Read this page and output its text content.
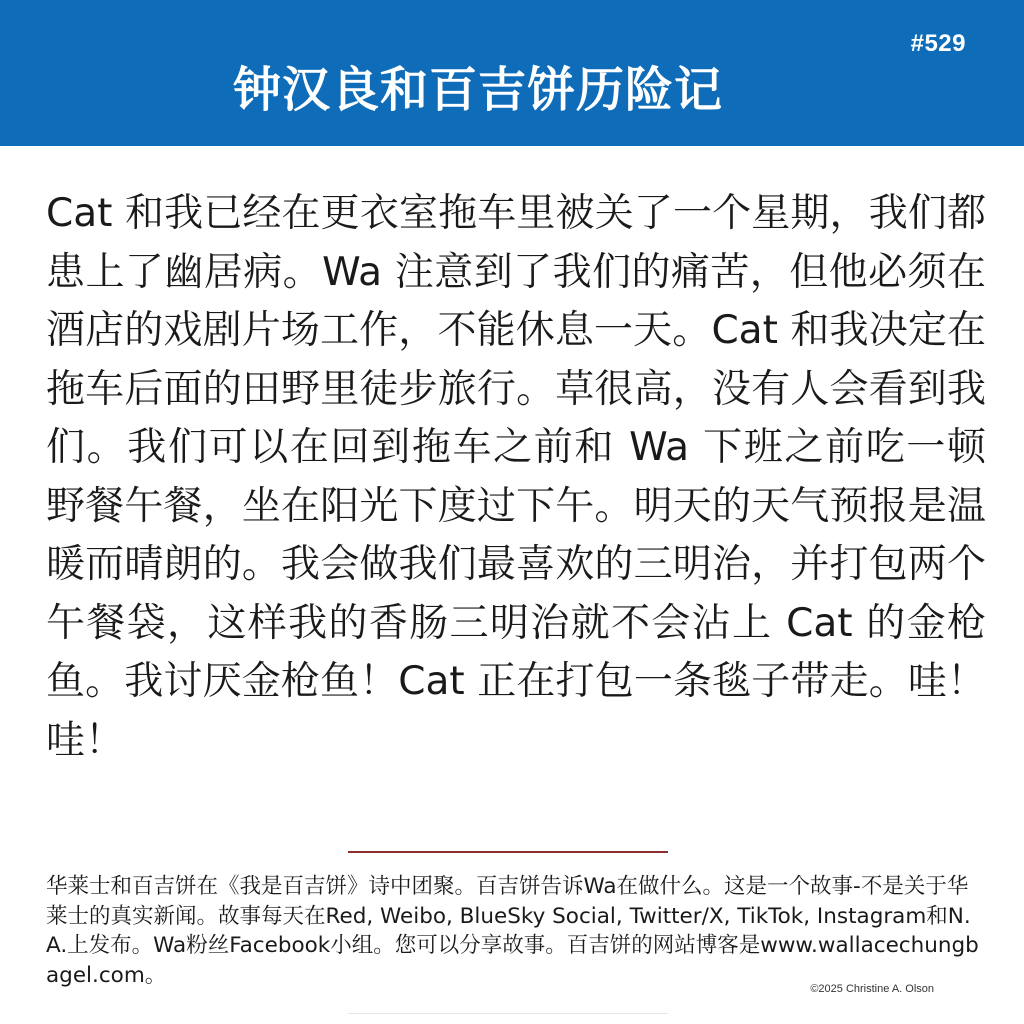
#529
钟汉良和百吉饼历险记
Cat 和我已经在更衣室拖车里被关了一个星期，我们都患上了幽居病。Wa 注意到了我们的痛苦，但他必须在酒店的戏剧片场工作，不能休息一天。Cat 和我决定在拖车后面的田野里徒步旅行。草很高，没有人会看到我们。我们可以在回到拖车之前和 Wa 下班之前吃一顿野餐午餐，坐在阳光下度过下午。明天的天气预报是温暖而晴朗的。我会做我们最喜欢的三明治，并打包两个午餐袋，这样我的香肠三明治就不会沾上 Cat 的金枪鱼。我讨厌金枪鱼！Cat 正在打包一条毯子带走。哇！哇！
华莱士和百吉饼在《我是百吉饼》诗中团聚。百吉饼告诉Wa在做什么。这是一个故事-不是关于华莱士的真实新闻。故事每天在Red, Weibo, BlueSky Social, Twitter/X, TikTok, Instagram和N.A.上发布。Wa粉丝Facebook小组。您可以分享故事。百吉饼的网站博客是www.wallacechungbagel.com。
©2025 Christine A. Olson
